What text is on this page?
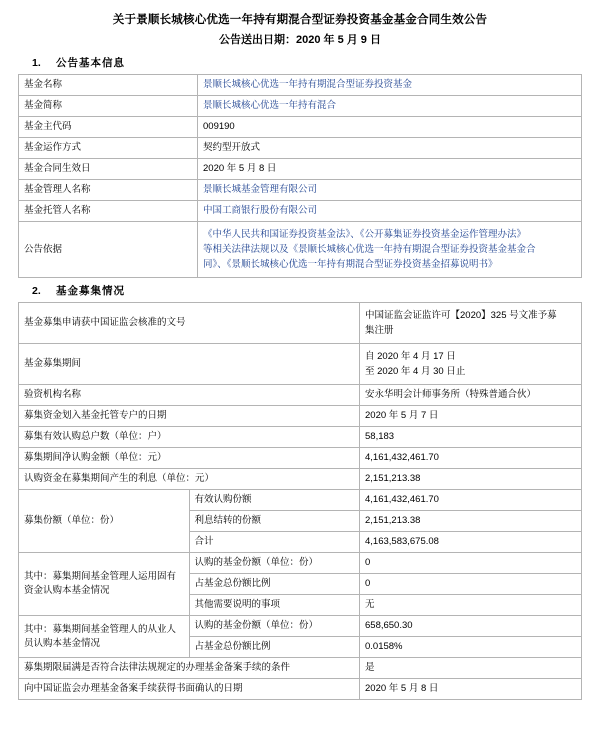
关于景顺长城核心优选一年持有期混合型证券投资基金基金合同生效公告
公告送出日期：2020 年 5 月 9 日
1.	公告基本信息
基金名称	景顺长城核心优选一年持有期混合型证券投资基金
基金简称	景顺长城核心优选一年持有混合
基金主代码	009190
基金运作方式	契约型开放式
基金合同生效日	2020 年 5 月 8 日
基金管理人名称	景顺长城基金管理有限公司
基金托管人名称	中国工商银行股份有限公司
公告依据	《中华人民共和国证券投资基金法》、《公开募集证券投资基金运作管理办法》
等相关法律法规以及《景顺长城核心优选一年持有期混合型证券投资基金基金合
同》、《景顺长城核心优选一年持有期混合型证券投资基金招募说明书》
2.	基金募集情况
基金募集申请获中国证监会核准的文号		中国证监会证监许可【2020】325 号文准予募
集注册

基金募集期间		自 2020 年 4 月 17 日
至 2020 年 4 月 30 日止

验资机构名称		安永华明会计师事务所（特殊普通合伙）
募集资金划入基金托管专户的日期		2020 年 5 月 7 日
募集有效认购总户数（单位：户）		58,183
募集期间净认购金额（单位：元）		4,161,432,461.70
认购资金在募集期间产生的利息（单位：元）		2,151,213.38
募集份额（单位：份）	有效认购份额	4,161,432,461.70
	利息结转的份额	2,151,213.38
	合计	4,163,583,675.08
其中：募集期间基金管理人运用固有资金认购本基金情况	认购的基金份额（单位：份）	0
	占基金总份额比例	0
	其他需要说明的事项	无
其中：募集期间基金管理人的从业人员认购本基金情况	认购的基金份额（单位：份）	658,650.30
	占基金总份额比例	0.0158%
募集期限届满是否符合法律法规规定的办理基金备案手续的条件		是
向中国证监会办理基金备案手续获得书面确认的日期		2020 年 5 月 8 日
